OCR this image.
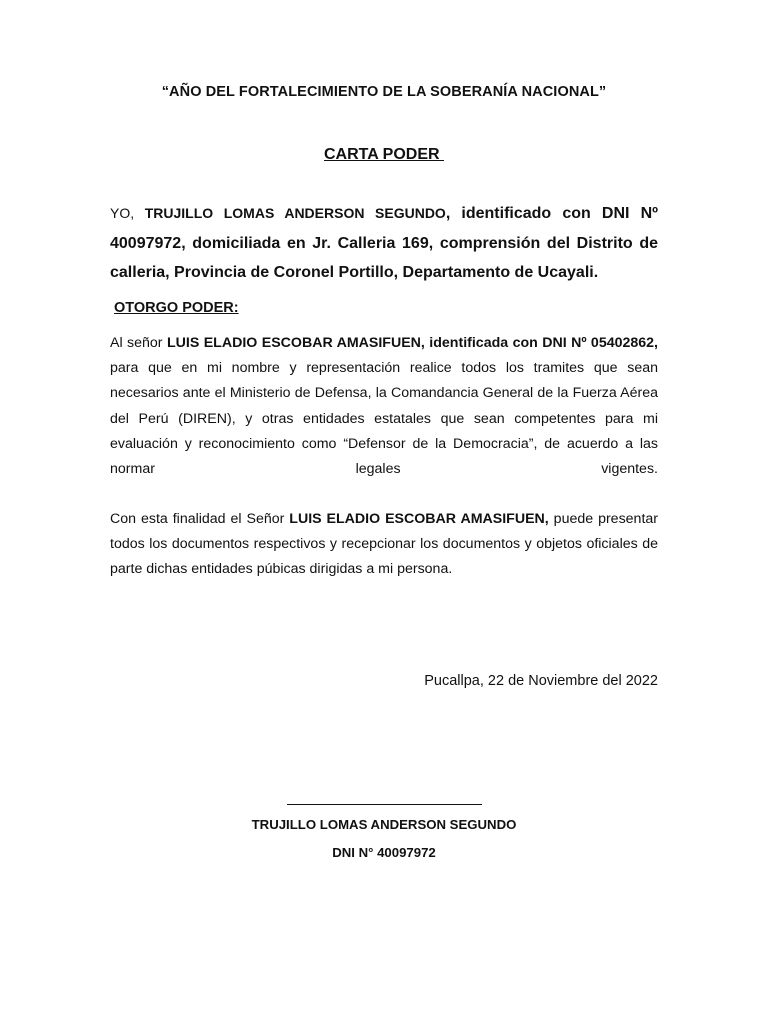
“AÑO DEL FORTALECIMIENTO DE LA SOBERANÍA NACIONAL”
CARTA PODER
YO, TRUJILLO LOMAS ANDERSON SEGUNDO, identificado con DNI Nº 40097972, domiciliada en Jr. Calleria 169, comprensión del Distrito de calleria, Provincia de Coronel Portillo, Departamento de Ucayali.
OTORGO PODER:
Al señor LUIS ELADIO ESCOBAR AMASIFUEN, identificada con DNI Nº 05402862, para que en mi nombre y representación realice todos los tramites que sean necesarios ante el Ministerio de Defensa, la Comandancia General de la Fuerza Aérea del Perú (DIREN), y otras entidades estatales que sean competentes para mi evaluación y reconocimiento como “Defensor de la Democracia”, de acuerdo a las normar legales vigentes.
Con esta finalidad el Señor LUIS ELADIO ESCOBAR AMASIFUEN, puede presentar todos los documentos respectivos y recepcionar los documentos y objetos oficiales de parte dichas entidades púbicas dirigidas a mi persona.
Pucallpa, 22 de Noviembre del 2022
TRUJILLO LOMAS ANDERSON SEGUNDO
DNI N° 40097972
